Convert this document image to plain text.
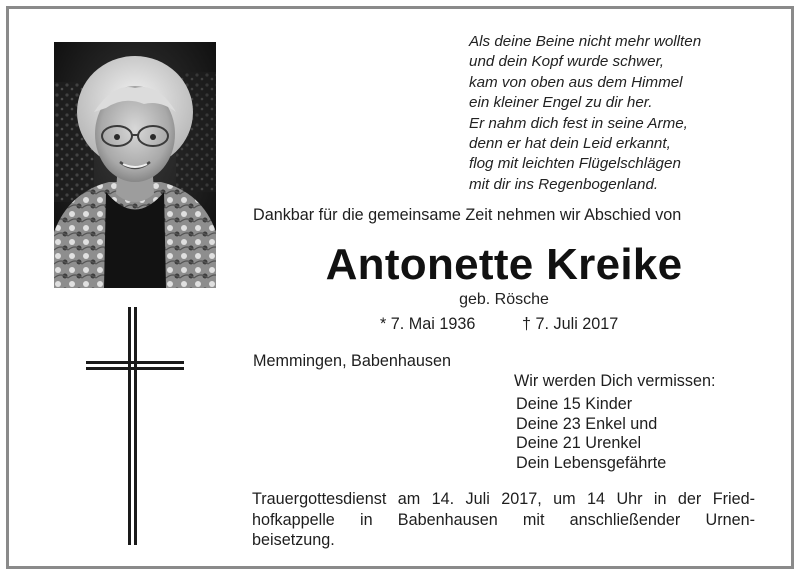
Als deine Beine nicht mehr wollten
und dein Kopf wurde schwer,
kam von oben aus dem Himmel
ein kleiner Engel zu dir her.
Er nahm dich fest in seine Arme,
denn er hat dein Leid erkannt,
flog mit leichten Flügelschlägen
mit dir ins Regenbogenland.
Dankbar für die gemeinsame Zeit nehmen wir Abschied von
Antonette Kreike
geb. Rösche
* 7. Mai 1936	† 7. Juli 2017
Memmingen, Babenhausen
Wir werden Dich vermissen:
Deine 15 Kinder
Deine 23 Enkel und
Deine 21 Urenkel
Dein Lebensgefährte
Trauergottesdienst am 14. Juli 2017, um 14 Uhr in der Fried-
hofkappelle in Babenhausen mit anschließender Urnen-
beisetzung.
